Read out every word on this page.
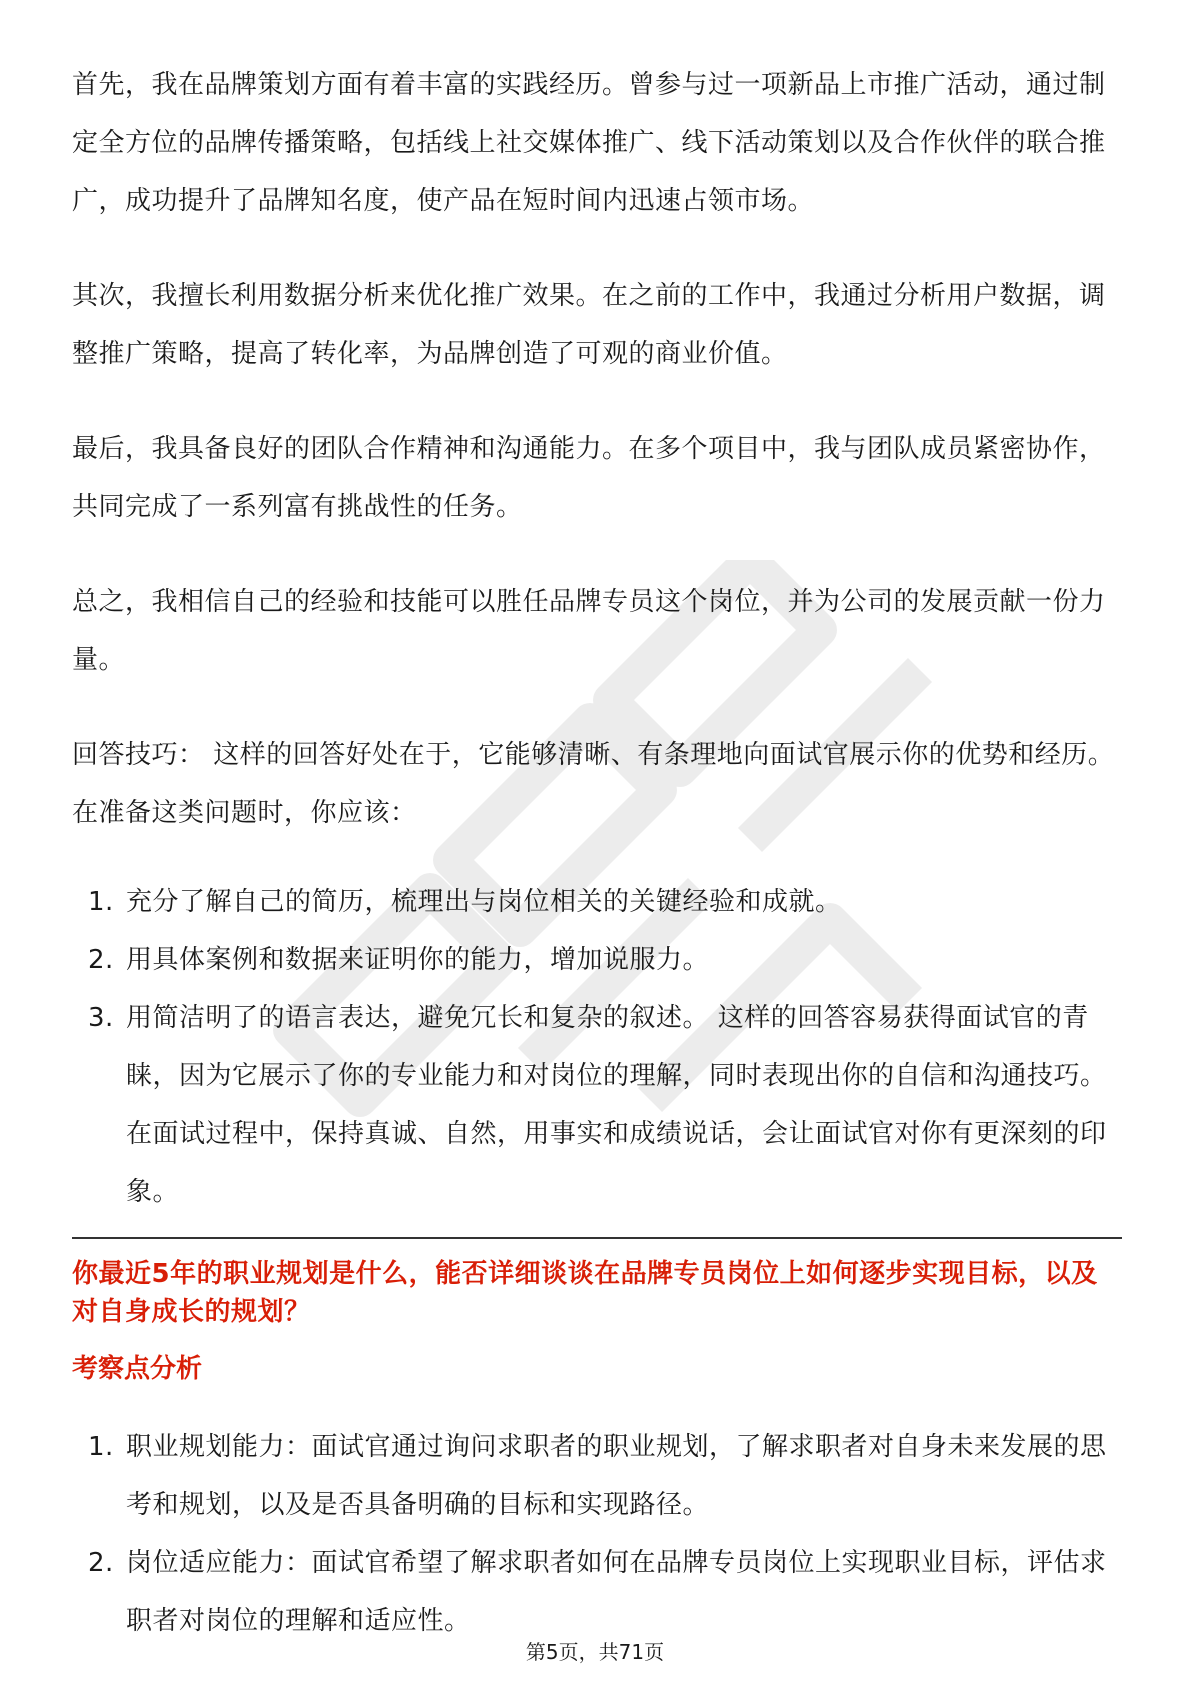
首先，我在品牌策划方面有着丰富的实践经历。曾参与过一项新品上市推广活动，通过制定全方位的品牌传播策略，包括线上社交媒体推广、线下活动策划以及合作伙伴的联合推广，成功提升了品牌知名度，使产品在短时间内迅速占领市场。

其次，我擅长利用数据分析来优化推广效果。在之前的工作中，我通过分析用户数据，调整推广策略，提高了转化率，为品牌创造了可观的商业价值。

最后，我具备良好的团队合作精神和沟通能力。在多个项目中，我与团队成员紧密协作，共同完成了一系列富有挑战性的任务。

总之，我相信自己的经验和技能可以胜任品牌专员这个岗位，并为公司的发展贡献一份力量。

回答技巧： 这样的回答好处在于，它能够清晰、有条理地向面试官展示你的优势和经历。在准备这类问题时，你应该：

1. 充分了解自己的简历，梳理出与岗位相关的关键经验和成就。
2. 用具体案例和数据来证明你的能力，增加说服力。
3. 用简洁明了的语言表达，避免冗长和复杂的叙述。 这样的回答容易获得面试官的青睐，因为它展示了你的专业能力和对岗位的理解，同时表现出你的自信和沟通技巧。在面试过程中，保持真诚、自然，用事实和成绩说话，会让面试官对你有更深刻的印象。
你最近5年的职业规划是什么，能否详细谈谈在品牌专员岗位上如何逐步实现目标，以及对自身成长的规划？
考察点分析
1. 职业规划能力：面试官通过询问求职者的职业规划，了解求职者对自身未来发展的思考和规划，以及是否具备明确的目标和实现路径。
2. 岗位适应能力：面试官希望了解求职者如何在品牌专员岗位上实现职业目标，评估求职者对岗位的理解和适应性。
第5页，共71页
